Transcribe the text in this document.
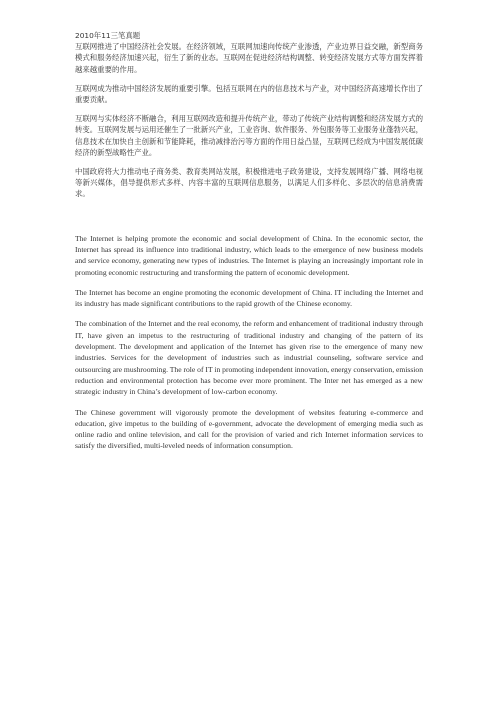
2010年11三笔真题

互联网推进了中国经济社会发展。在经济领域，互联网加速向传统产业渗透，产业边界日益交融，新型商务模式和服务经济加速兴起，衍生了新的业态。互联网在促进经济结构调整、转变经济发展方式等方面发挥着越来越重要的作用。

互联网成为推动中国经济发展的重要引擎。包括互联网在内的信息技术与产业，对中国经济高速增长作出了重要贡献。

互联网与实体经济不断融合，利用互联网改造和提升传统产业，带动了传统产业结构调整和经济发展方式的转变。互联网发展与运用还催生了一批新兴产业，工业咨询、软件服务、外包服务等工业服务业蓬勃兴起，信息技术在加快自主创新和节能降耗，推动减排治污等方面的作用日益凸显，互联网已经成为中国发展低碳经济的新型战略性产业。

中国政府将大力推动电子商务类、教育类网站发展，积极推进电子政务建设，支持发展网络广播、网络电视等新兴媒体，倡导提供形式多样、内容丰富的互联网信息服务，以满足人们多样化、多层次的信息消费需求。

The Internet is helping promote the economic and social development of China. In the economic sector, the Internet has spread its influence into traditional industry, which leads to the emergence of new business models and service economy, generating new types of industries. The Internet is playing an increasingly important role in promoting economic restructuring and transforming the pattern of economic development.

The Internet has become an engine promoting the economic development of China. IT including the Internet and its industry has made significant contributions to the rapid growth of the Chinese economy.

The combination of the Internet and the real economy, the reform and enhancement of traditional industry through IT, have given an impetus to the restructuring of traditional industry and changing of the pattern of its development. The development and application of the Internet has given rise to the emergence of many new industries. Services for the development of industries such as industrial counseling, software service and outsourcing are mushrooming. The role of IT in promoting independent innovation, energy conservation, emission reduction and environmental protection has become ever more prominent. The Inter net has emerged as a new strategic industry in China’s development of low-carbon economy.

The Chinese government will vigorously promote the development of websites featuring e-commerce and education, give impetus to the building of e-government, advocate the development of emerging media such as online radio and online television, and call for the provision of varied and rich Internet information services to satisfy the diversified, multi-leveled needs of information consumption.
